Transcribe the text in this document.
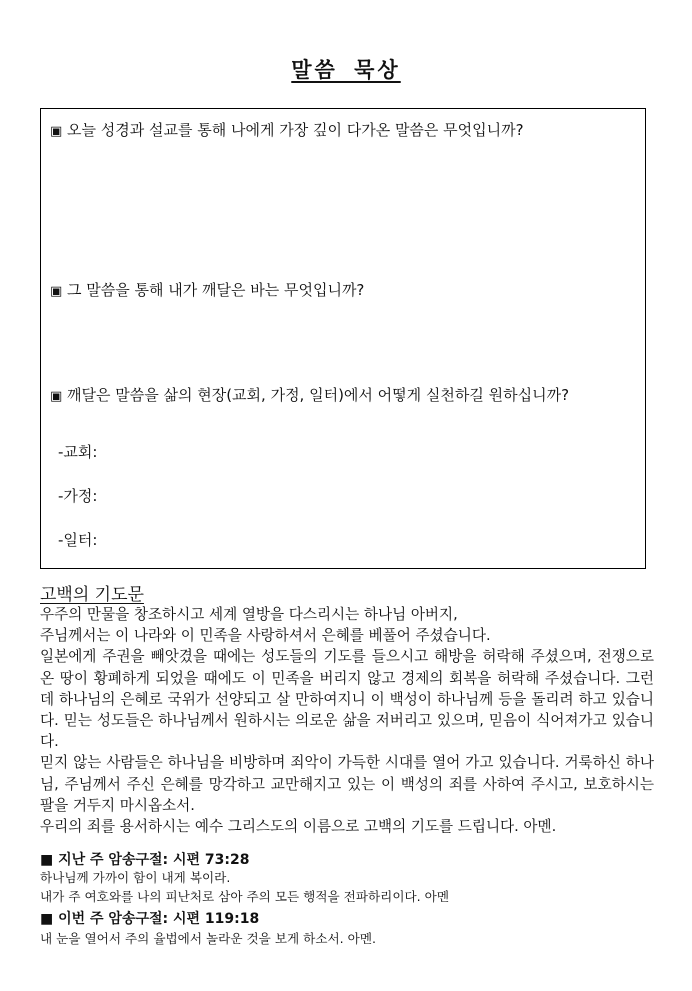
말씀 묵상
▣ 오늘 성경과 설교를 통해 나에게 가장 깊이 다가온 말씀은 무엇입니까?
▣ 그 말씀을 통해 내가 깨달은 바는 무엇입니까?
▣ 깨달은 말씀을 삶의 현장(교회, 가정, 일터)에서 어떻게 실천하길 원하십니까?
-교회:
-가정:
-일터:
고백의 기도문

우주의 만물을 창조하시고 세계 열방을 다스리시는 하나님 아버지,

주님께서는 이 나라와 이 민족을 사랑하셔서 은혜를 베풀어 주셨습니다.

일본에게 주권을 빼앗겼을 때에는 성도들의 기도를 들으시고 해방을 허락해 주셨으며, 전쟁으로 온 땅이 황폐하게 되었을 때에도 이 민족을 버리지 않고 경제의 회복을 허락해 주셨습니다. 그런데 하나님의 은혜로 국위가 선양되고 살 만하여지니 이 백성이 하나님께 등을 돌리려 하고 있습니다. 믿는 성도들은 하나님께서 원하시는 의로운 삶을 저버리고 있으며, 믿음이 식어져가고 있습니다.

믿지 않는 사람들은 하나님을 비방하며 죄악이 가득한 시대를 열어 가고 있습니다. 거룩하신 하나님, 주님께서 주신 은혜를 망각하고 교만해지고 있는 이 백성의 죄를 사하여 주시고, 보호하시는 팔을 거두지 마시옵소서.

우리의 죄를 용서하시는 예수 그리스도의 이름으로 고백의 기도를 드립니다. 아멘.

■ 지난 주 암송구절: 시편 73:28
하나님께 가까이 함이 내게 복이라.
내가 주 여호와를 나의 피난처로 삼아 주의 모든 행적을 전파하리이다. 아멘
■ 이번 주 암송구절: 시편 119:18
내 눈을 열어서 주의 율법에서 놀라운 것을 보게 하소서. 아멘.
